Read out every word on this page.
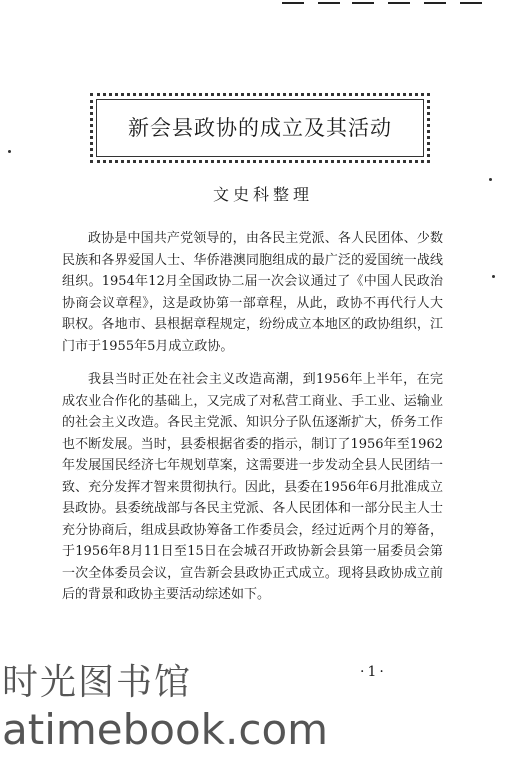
新会县政协的成立及其活动
文史科整理

政协是中国共产党领导的，由各民主党派、各人民团体、少数民族和各界爱国人士、华侨港澳同胞组成的最广泛的爱国统一战线组织。1954年12月全国政协二届一次会议通过了《中国人民政治协商会议章程》，这是政协第一部章程，从此，政协不再代行人大职权。各地市、县根据章程规定，纷纷成立本地区的政协组织，江门市于1955年5月成立政协。

我县当时正处在社会主义改造高潮，到1956年上半年，在完成农业合作化的基础上，又完成了对私营工商业、手工业、运输业的社会主义改造。各民主党派、知识分子队伍逐渐扩大，侨务工作也不断发展。当时，县委根据省委的指示，制订了1956年至1962年发展国民经济七年规划草案，这需要进一步发动全县人民团结一致、充分发挥才智来贯彻执行。因此，县委在1956年6月批准成立县政协。县委统战部与各民主党派、各人民团体和一部分民主人士充分协商后，组成县政协筹备工作委员会，经过近两个月的筹备，于1956年8月11日至15日在会城召开政协新会县第一届委员会第一次全体委员会议，宣告新会县政协正式成立。现将县政协成立前后的背景和政协主要活动综述如下。

·1·
时光图书馆
atimebook.com
